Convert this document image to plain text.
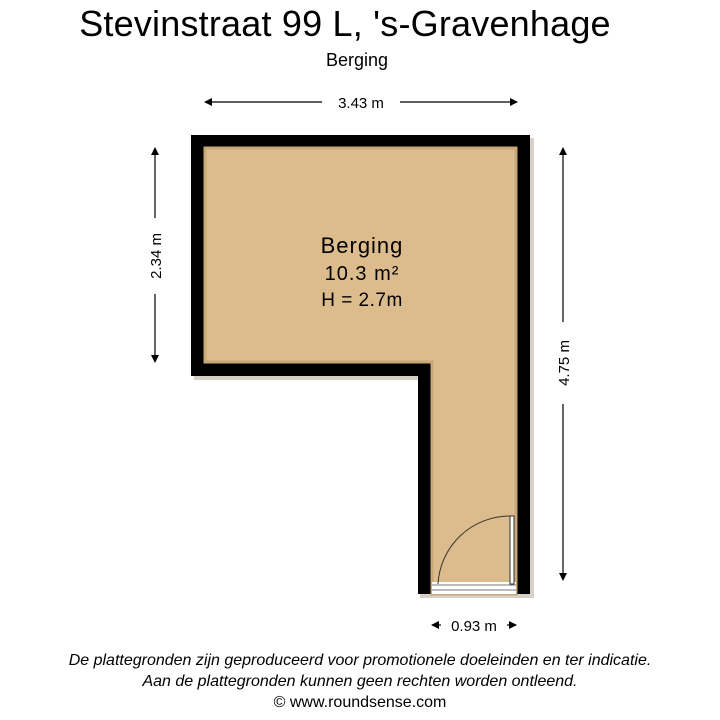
Stevinstraat 99 L, 's-Gravenhage
Berging
Berging
10.3 m²
H = 2.7m
3.43 m
2.34 m
4.75 m
0.93 m
De plattegronden zijn geproduceerd voor promotionele doeleinden en ter indicatie.
Aan de plattegronden kunnen geen rechten worden ontleend.
© www.roundsense.com
